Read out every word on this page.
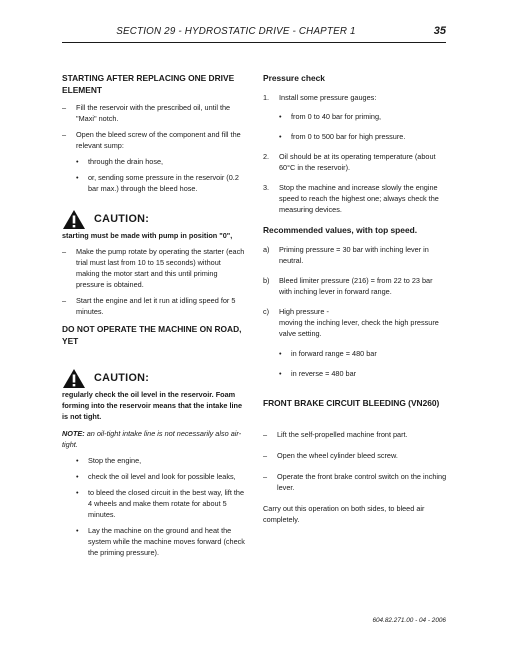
SECTION 29 - HYDROSTATIC DRIVE - CHAPTER 1	35

STARTING AFTER REPLACING ONE DRIVE ELEMENT

–	Fill the reservoir with the prescribed oil, until the "Maxi" notch.
–	Open the bleed screw of the component and fill the relevant sump:
•	through the drain hose,
•	or, sending some pressure in the reservoir (0.2 bar max.) through the bleed hose.
CAUTION:

starting must be made with pump in position "0",

–	Make the pump rotate by operating the starter (each trial must last from 10 to 15 seconds) without making the motor start and this until priming pressure is obtained.
–	Start the engine and let it run at idling speed for 5 minutes.

DO NOT OPERATE THE MACHINE ON ROAD, YET

CAUTION:

regularly check the oil level in the reservoir. Foam forming into the reservoir means that the intake line is not tight.

NOTE: an oil-tight intake line is not necessarily also air-tight.

•	Stop the engine,
•	check the oil level and look for possible leaks,
•	to bleed the closed circuit in the best way, lift the 4 wheels and make them rotate for about 5 minutes.
•	Lay the machine on the ground and heat the system while the machine moves forward (check the priming pressure).

Pressure check

1.	Install some pressure gauges:
•	from 0 to 40 bar for priming,
•	from 0 to 500 bar for high pressure.
2.	Oil should be at its operating temperature (about 60°C in the reservoir).
3.	Stop the machine and increase slowly the engine speed to reach the highest one; always check the measuring devices.

Recommended values, with top speed.

a)	Priming pressure = 30 bar with inching lever in neutral.
b)	Bleed limiter pressure (216) = from 22 to 23 bar with inching lever in forward range.
c)	High pressure -
moving the inching lever, check the high pressure valve setting.
•	in forward range = 480 bar
•	in reverse = 480 bar

FRONT BRAKE CIRCUIT BLEEDING (VN260)

–	Lift the self-propelled machine front part.
–	Open the wheel cylinder bleed screw.
–	Operate the front brake control switch on the inching lever.

Carry out this operation on both sides, to bleed air completely.

604.82.271.00 - 04 - 2006
